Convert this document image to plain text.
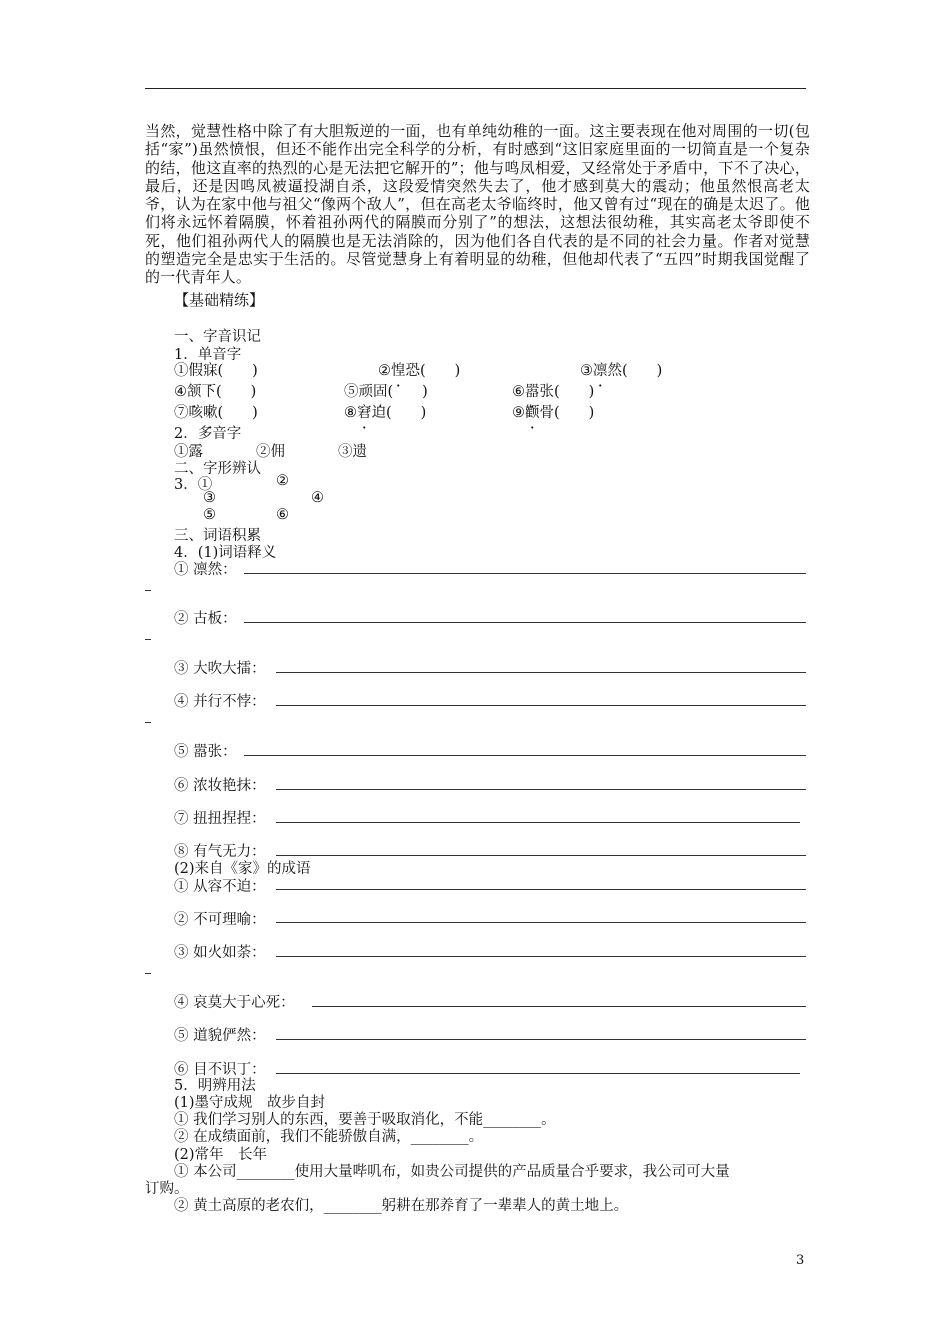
当然，觉慧性格中除了有大胆叛逆的一面，也有单纯幼稚的一面。这主要表现在他对周围的一切(包括“家”)虽然愤恨，但还不能作出完全科学的分析，有时感到“这旧家庭里面的一切简直是一个复杂的结，他这直率的热烈的心是无法把它解开的”；他与鸣凤相爱，又经常处于矛盾中，下不了决心，最后，还是因鸣凤被逼投湖自杀，这段爱情突然失去了，他才感到莫大的震动；他虽然恨高老太爷，认为在家中他与祖父“像两个敌人”，但在高老太爷临终时，他又曾有过“现在的确是太迟了。他们将永远怀着隔膜，怀着祖孙两代的隔膜而分别了”的想法，这想法很幼稚，其实高老太爷即使不死，他们祖孙两代人的隔膜也是无法消除的，因为他们各自代表的是不同的社会力量。作者对觉慧的塑造完全是忠实于生活的。尽管觉慧身上有着明显的幼稚，但他却代表了“五四”时期我国觉醒了的一代青年人。
【基础精练】
一、字音识记
1．单音字
①假寐(　　)	②惶恐(　　)	③凛然(　　)
④颔下(　　)	⑤顽固(　　)	⑥嚣张(　　)
⑦咳嗽(　　)	⑧窘迫(　　)	⑨颧骨(　　)
2．多音字
①露	②佣	③遗
二、字形辨认
3．①	②
③	④
⑤	⑥
三、词语积累
4．(1)词语释义
① 凛然：
② 古板：
③ 大吹大擂：
④ 并行不悖：
⑤ 嚣张：
⑥ 浓妆艳抹：
⑦ 扭扭捏捏：
⑧ 有气无力：
(2)来自《家》的成语
① 从容不迫：
② 不可理喻：
③ 如火如荼：
④ 哀莫大于心死：
⑤ 道貌俨然：
⑥ 目不识丁：
5．明辨用法
(1)墨守成规　故步自封
① 我们学习别人的东西，要善于吸取消化，不能________。
② 在成绩面前，我们不能骄傲自满，________。
(2)常年　长年
① 本公司________使用大量哔叽布，如贵公司提供的产品质量合乎要求，我公司可大量
订购。
② 黄土高原的老农们，________躬耕在那养育了一辈辈人的黄土地上。
3
